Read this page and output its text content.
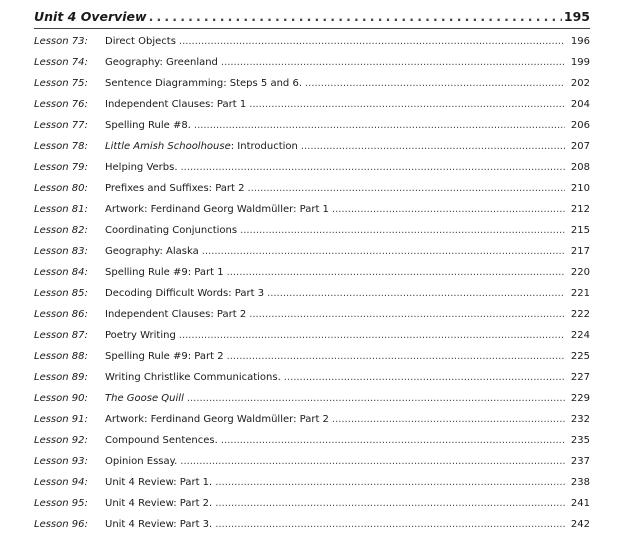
Unit 4 Overview . . .	195
Lesson 73:	Direct Objects . . .	196
Lesson 74:	Geography: Greenland . . .	199
Lesson 75:	Sentence Diagramming: Steps 5 and 6. . . .	202
Lesson 76:	Independent Clauses: Part 1 . . .	204
Lesson 77:	Spelling Rule #8. . . .	206
Lesson 78:	Little Amish Schoolhouse: Introduction . . .	207
Lesson 79:	Helping Verbs. . . .	208
Lesson 80:	Prefixes and Suffixes: Part 2 . . .	210
Lesson 81:	Artwork: Ferdinand Georg Waldmüller: Part 1 . . .	212
Lesson 82:	Coordinating Conjunctions . . .	215
Lesson 83:	Geography: Alaska . . .	217
Lesson 84:	Spelling Rule #9: Part 1 . . .	220
Lesson 85:	Decoding Difficult Words: Part 3 . . .	221
Lesson 86:	Independent Clauses: Part 2 . . .	222
Lesson 87:	Poetry Writing . . .	224
Lesson 88:	Spelling Rule #9: Part 2 . . .	225
Lesson 89:	Writing Christlike Communications. . . .	227
Lesson 90:	The Goose Quill . . .	229
Lesson 91:	Artwork: Ferdinand Georg Waldmüller: Part 2 . . .	232
Lesson 92:	Compound Sentences. . . .	235
Lesson 93:	Opinion Essay. . . .	237
Lesson 94:	Unit 4 Review: Part 1. . . .	238
Lesson 95:	Unit 4 Review: Part 2. . . .	241
Lesson 96:	Unit 4 Review: Part 3. . . .	242
